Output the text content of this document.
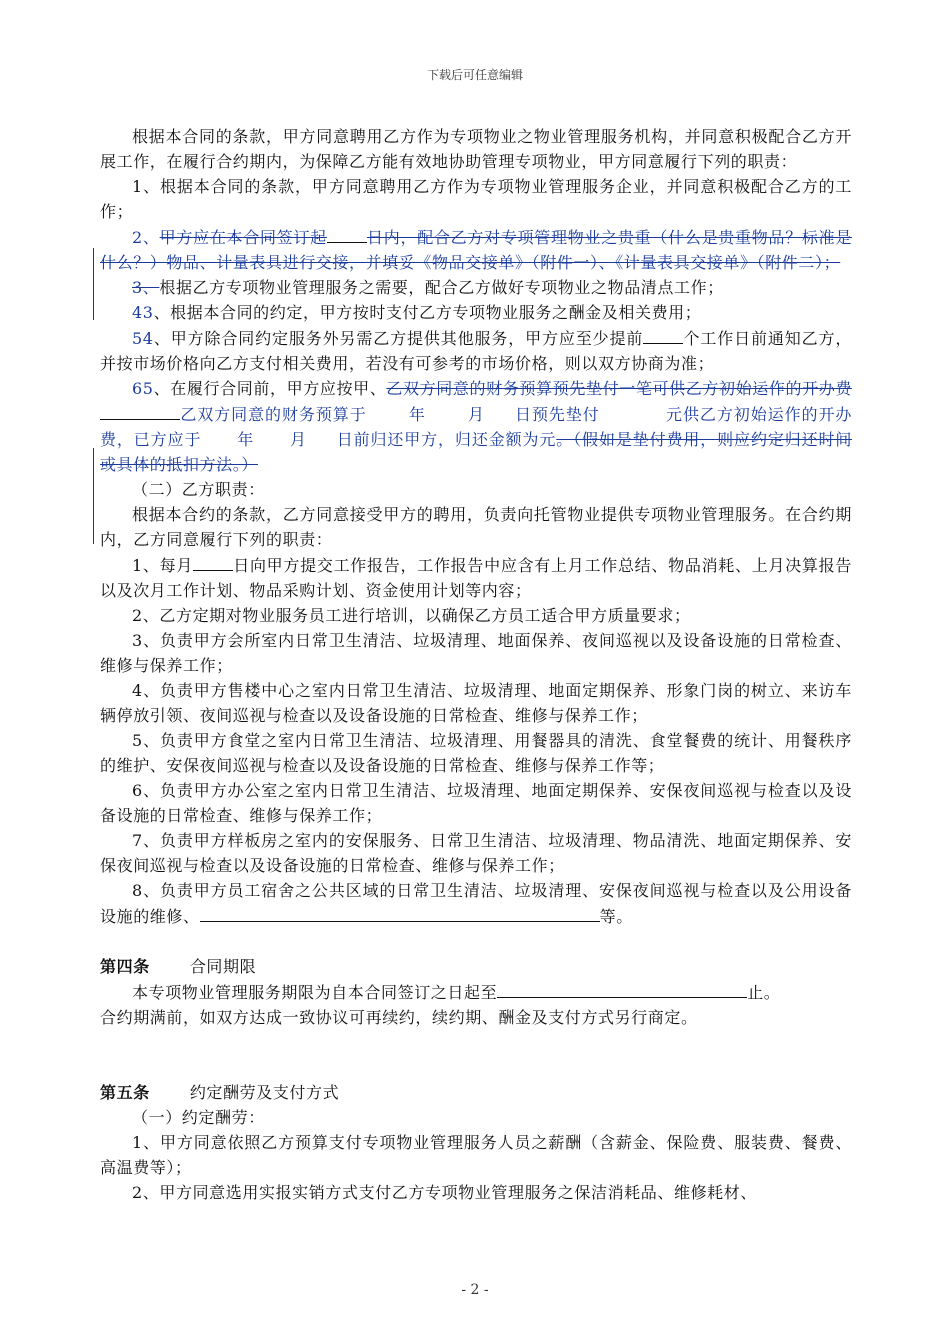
下载后可任意编辑

根据本合同的条款，甲方同意聘用乙方作为专项物业之物业管理服务机构，并同意积极配合乙方开展工作，在履行合约期内，为保障乙方能有效地协助管理专项物业，甲方同意履行下列的职责：

1、根据本合同的条款，甲方同意聘用乙方作为专项物业管理服务企业，并同意积极配合乙方的工作；

2、甲方应在本合同签订起	日内，配合乙方对专项管理物业之贵重（什么是贵重物品？标准是什么？）物品、计量表具进行交接，并填妥《物品交接单》（附件一）、《计量表具交接单》（附件二）；

3、根据乙方专项物业管理服务之需要，配合乙方做好专项物业之物品清点工作；

43、根据本合同的约定，甲方按时支付乙方专项物业服务之酬金及相关费用；

54、甲方除合同约定服务外另需乙方提供其他服务，甲方应至少提前	个工作日前通知乙方，并按市场价格向乙方支付相关费用，若没有可参考的市场价格，则以双方协商为准；

65、在履行合同前，甲方应按甲、乙双方同意的财务预算预先垫付一笔可供乙方初始运作的开办费乙双方同意的财务预算于	年	月 日预先垫付	元供乙方初始运作的开办费，已方应于 年 月 日前归还甲方，归还金额为元。（假如是垫付费用，则应约定归还时间或具体的抵扣方法。）

（二）乙方职责：

根据本合约的条款，乙方同意接受甲方的聘用，负责向托管物业提供专项物业管理服务。在合约期内，乙方同意履行下列的职责：

1、每月	日向甲方提交工作报告，工作报告中应含有上月工作总结、物品消耗、上月决算报告以及次月工作计划、物品采购计划、资金使用计划等内容；

2、乙方定期对物业服务员工进行培训，以确保乙方员工适合甲方质量要求；

3、负责甲方会所室内日常卫生清洁、垃圾清理、地面保养、夜间巡视以及设备设施的日常检查、维修与保养工作；

4、负责甲方售楼中心之室内日常卫生清洁、垃圾清理、地面定期保养、形象门岗的树立、来访车辆停放引领、夜间巡视与检查以及设备设施的日常检查、维修与保养工作；

5、负责甲方食堂之室内日常卫生清洁、垃圾清理、用餐器具的清洗、食堂餐费的统计、用餐秩序的维护、安保夜间巡视与检查以及设备设施的日常检查、维修与保养工作等；

6、负责甲方办公室之室内日常卫生清洁、垃圾清理、地面定期保养、安保夜间巡视与检查以及设备设施的日常检查、维修与保养工作；

7、负责甲方样板房之室内的安保服务、日常卫生清洁、垃圾清理、物品清洗、地面定期保养、安保夜间巡视与检查以及设备设施的日常检查、维修与保养工作；

8、负责甲方员工宿舍之公共区域的日常卫生清洁、垃圾清理、安保夜间巡视与检查以及公用设备设施的维修、	等。

第四条	合同期限

本专项物业管理服务期限为自本合同签订之日起至	止。

合约期满前，如双方达成一致协议可再续约，续约期、酬金及支付方式另行商定。

第五条	约定酬劳及支付方式

（一）约定酬劳：

1、甲方同意依照乙方预算支付专项物业管理服务人员之薪酬（含薪金、保险费、服装费、餐费、高温费等）；

2、甲方同意选用实报实销方式支付乙方专项物业管理服务之保洁消耗品、维修耗材、

- 2 -
